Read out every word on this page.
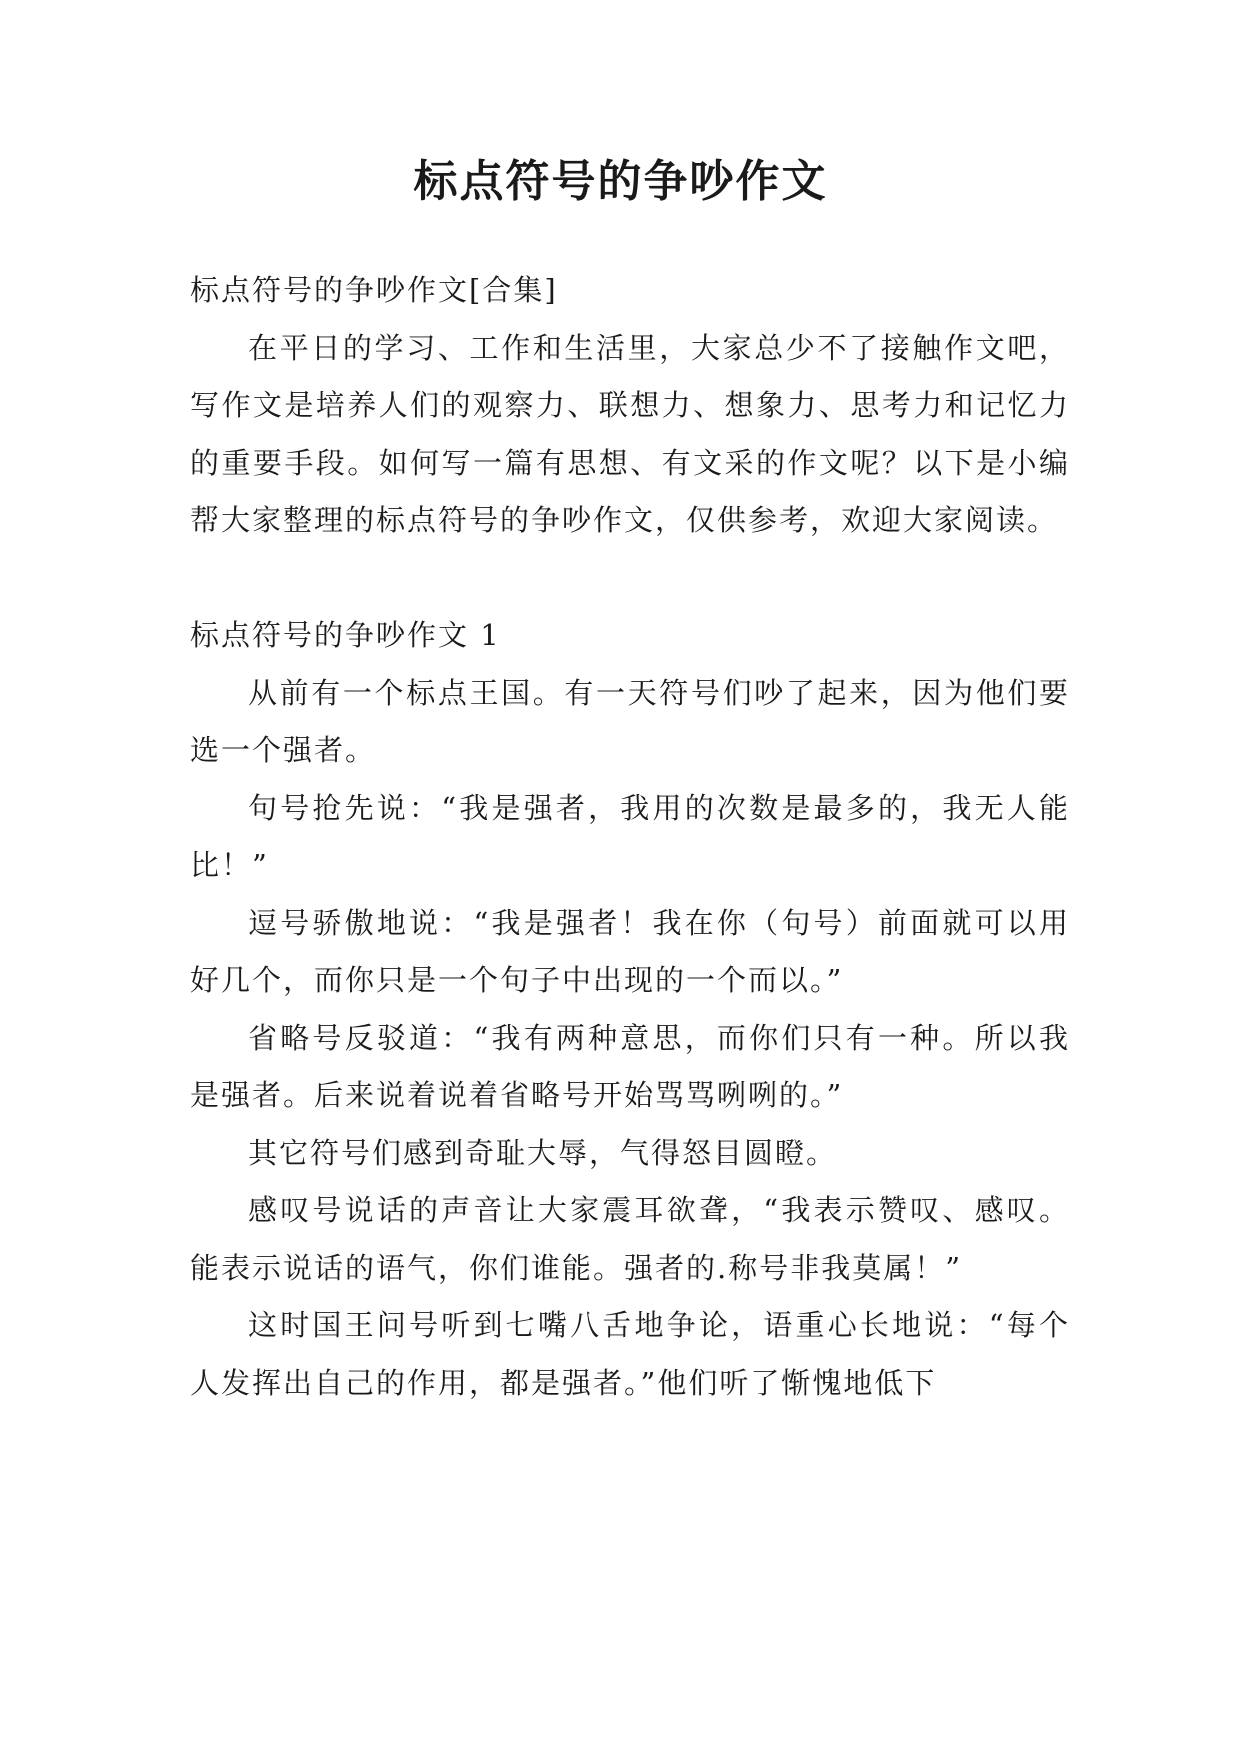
标点符号的争吵作文

标点符号的争吵作文[合集]

在平日的学习、工作和生活里，大家总少不了接触作文吧，写作文是培养人们的观察力、联想力、想象力、思考力和记忆力的重要手段。如何写一篇有思想、有文采的作文呢？以下是小编帮大家整理的标点符号的争吵作文，仅供参考，欢迎大家阅读。

标点符号的争吵作文 1

从前有一个标点王国。有一天符号们吵了起来，因为他们要选一个强者。

句号抢先说：“我是强者，我用的次数是最多的，我无人能比！”

逗号骄傲地说：“我是强者！我在你（句号）前面就可以用好几个，而你只是一个句子中出现的一个而以。”

省略号反驳道：“我有两种意思，而你们只有一种。所以我是强者。后来说着说着省略号开始骂骂咧咧的。”

其它符号们感到奇耻大辱，气得怒目圆瞪。

感叹号说话的声音让大家震耳欲聋，“我表示赞叹、感叹。能表示说话的语气，你们谁能。强者的.称号非我莫属！”

这时国王问号听到七嘴八舌地争论，语重心长地说：“每个人发挥出自己的作用，都是强者。”他们听了惭愧地低下
